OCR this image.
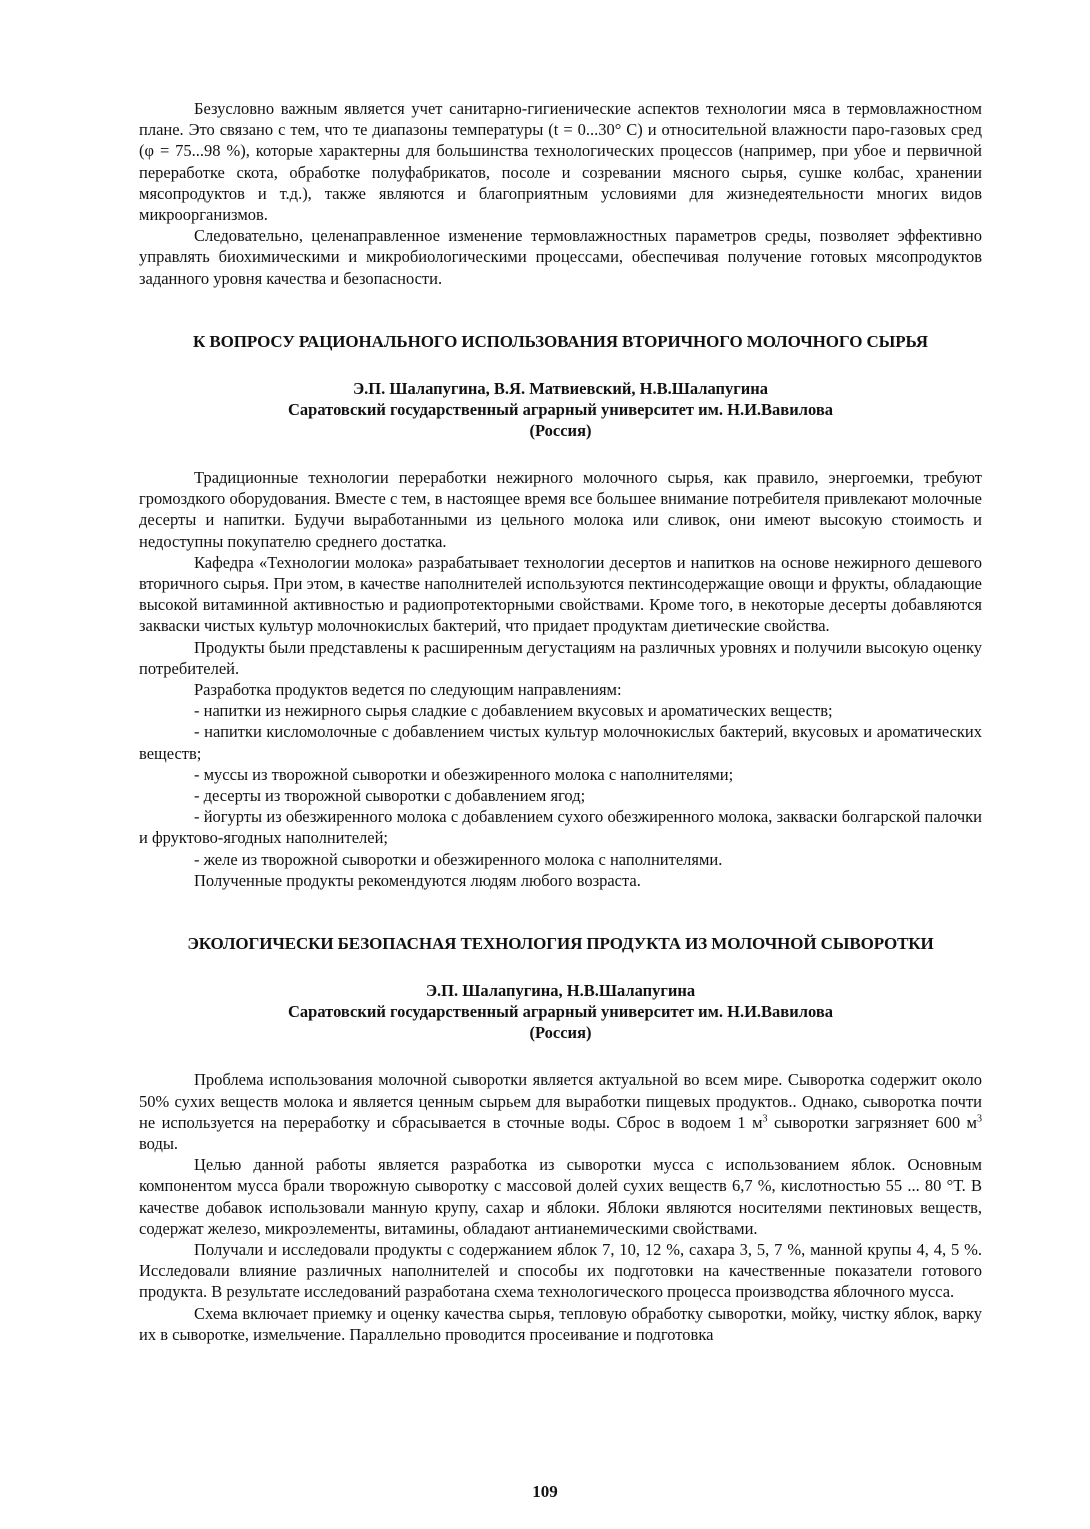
Безусловно важным является учет санитарно-гигиенические аспектов технологии мяса в термовлажностном плане. Это связано с тем, что те диапазоны температуры (t = 0...30° С) и относительной влажности паро-газовых сред (φ = 75...98 %), которые характерны для большинства технологических процессов (например, при убое и первичной переработке скота, обработке полуфабрикатов, посоле и созревании мясного сырья, сушке колбас, хранении мясопродуктов и т.д.), также являются и благоприятным условиями для жизнедеятельности многих видов микроорганизмов.

Следовательно, целенаправленное изменение термовлажностных параметров среды, позволяет эффективно управлять биохимическими и микробиологическими процессами, обеспечивая получение готовых мясопродуктов заданного уровня качества и безопасности.

К ВОПРОСУ РАЦИОНАЛЬНОГО ИСПОЛЬЗОВАНИЯ ВТОРИЧНОГО МОЛОЧНОГО СЫРЬЯ
Э.П. Шалапугина, В.Я. Матвиевский, Н.В.Шалапугина
Саратовский государственный аграрный университет им. Н.И.Вавилова
(Россия)

Традиционные технологии переработки нежирного молочного сырья, как правило, энергоемки, требуют громоздкого оборудования. Вместе с тем, в настоящее время все большее внимание потребителя привлекают молочные десерты и напитки. Будучи выработанными из цельного молока или сливок, они имеют высокую стоимость и недоступны покупателю среднего достатка.

Кафедра «Технологии молока» разрабатывает технологии десертов и напитков на основе нежирного дешевого вторичного сырья. При этом, в качестве наполнителей используются пектинсодержащие овощи и фрукты, обладающие высокой витаминной активностью и радиопротекторными свойствами. Кроме того, в некоторые десерты добавляются закваски чистых культур молочнокислых бактерий, что придает продуктам диетические свойства.

Продукты были представлены к расширенным дегустациям на различных уровнях и получили высокую оценку потребителей.

Разработка продуктов ведется по следующим направлениям:

- напитки из нежирного сырья сладкие с добавлением вкусовых и ароматических веществ;

- напитки кисломолочные с добавлением чистых культур молочнокислых бактерий, вкусовых и ароматических веществ;

- муссы из творожной сыворотки и обезжиренного молока с наполнителями;

- десерты из творожной сыворотки с добавлением ягод;

- йогурты из обезжиренного молока с добавлением сухого обезжиренного молока, закваски болгарской палочки и фруктово-ягодных наполнителей;

- желе из творожной сыворотки и обезжиренного молока с наполнителями.

Полученные продукты рекомендуются людям любого возраста.

ЭКОЛОГИЧЕСКИ БЕЗОПАСНАЯ ТЕХНОЛОГИЯ ПРОДУКТА ИЗ МОЛОЧНОЙ СЫВОРОТКИ
Э.П. Шалапугина, Н.В.Шалапугина
Саратовский государственный аграрный университет им. Н.И.Вавилова
(Россия)

Проблема использования молочной сыворотки является актуальной во всем мире. Сыворотка содержит около 50% сухих веществ молока и является ценным сырьем для выработки пищевых продуктов.. Однако, сыворотка почти не используется на переработку и сбрасывается в сточные воды. Сброс в водоем 1 $м^3$ сыворотки загрязняет 600 $м^3$ воды.

Целью данной работы является разработка из сыворотки мусса с использованием яблок. Основным компонентом мусса брали творожную сыворотку с массовой долей сухих веществ 6,7 %, кислотностью 55 ... 80 °Т. В качестве добавок использовали манную крупу, сахар и яблоки. Яблоки являются носителями пектиновых веществ, содержат железо, микроэлементы, витамины, обладают антианемическими свойствами.

Получали и исследовали продукты с содержанием яблок 7, 10, 12 %, сахара 3, 5, 7 %, манной крупы 4, 4, 5 %. Исследовали влияние различных наполнителей и способы их подготовки на качественные показатели готового продукта. В результате исследований разработана схема технологического процесса производства яблочного мусса.

Схема включает приемку и оценку качества сырья, тепловую обработку сыворотки, мойку, чистку яблок, варку их в сыворотке, измельчение. Параллельно проводится просеивание и подготовка

109
